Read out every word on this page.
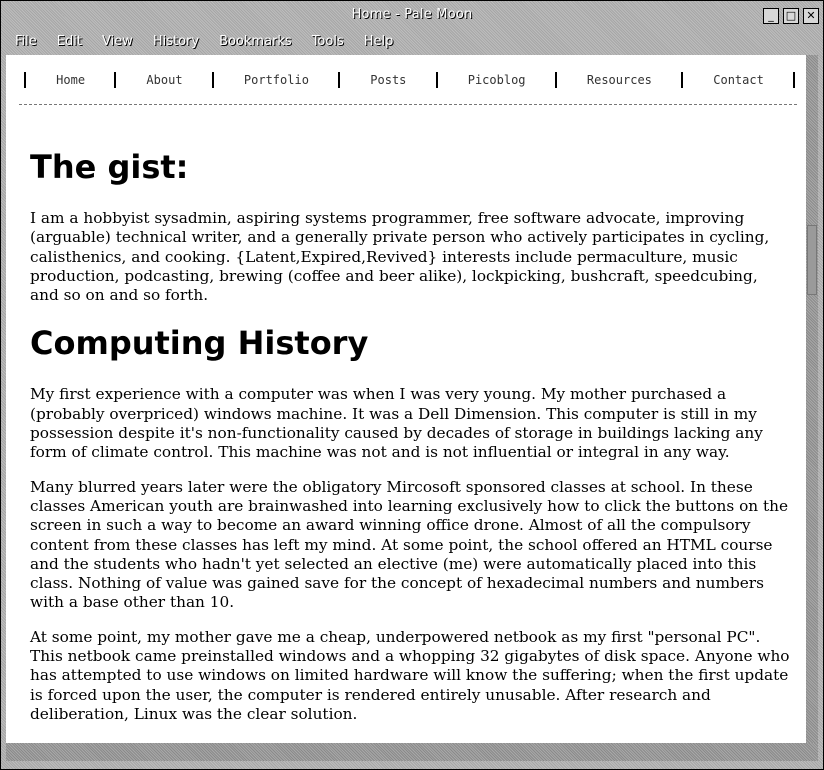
Home - Pale Moon	_	□ ✕
File Edit View History Bookmarks Tools Help
Home	About	Portfolio	Posts	Picoblog	Resources	Contact
The gist:

I am a hobbyist sysadmin, aspiring systems programmer, free software advocate, improving (arguable) technical writer, and a generally private person who actively participates in cycling, calisthenics, and cooking. {Latent,Expired,Revived} interests include permaculture, music production, podcasting, brewing (coffee and beer alike), lockpicking, bushcraft, speedcubing, and so on and so forth.

Computing History

My first experience with a computer was when I was very young. My mother purchased a (probably overpriced) windows machine. It was a Dell Dimension. This computer is still in my possession despite it's non-functionality caused by decades of storage in buildings lacking any form of climate control. This machine was not and is not influential or integral in any way.

Many blurred years later were the obligatory Mircosoft sponsored classes at school. In these classes American youth are brainwashed into learning exclusively how to click the buttons on the screen in such a way to become an award winning office drone. Almost of all the compulsory content from these classes has left my mind. At some point, the school offered an HTML course and the students who hadn't yet selected an elective (me) were automatically placed into this class. Nothing of value was gained save for the concept of hexadecimal numbers and numbers with a base other than 10.

At some point, my mother gave me a cheap, underpowered netbook as my first "personal PC". This netbook came preinstalled windows and a whopping 32 gigabytes of disk space. Anyone who has attempted to use windows on limited hardware will know the suffering; when the first update is forced upon the user, the computer is rendered entirely unusable. After research and deliberation, Linux was the clear solution.
